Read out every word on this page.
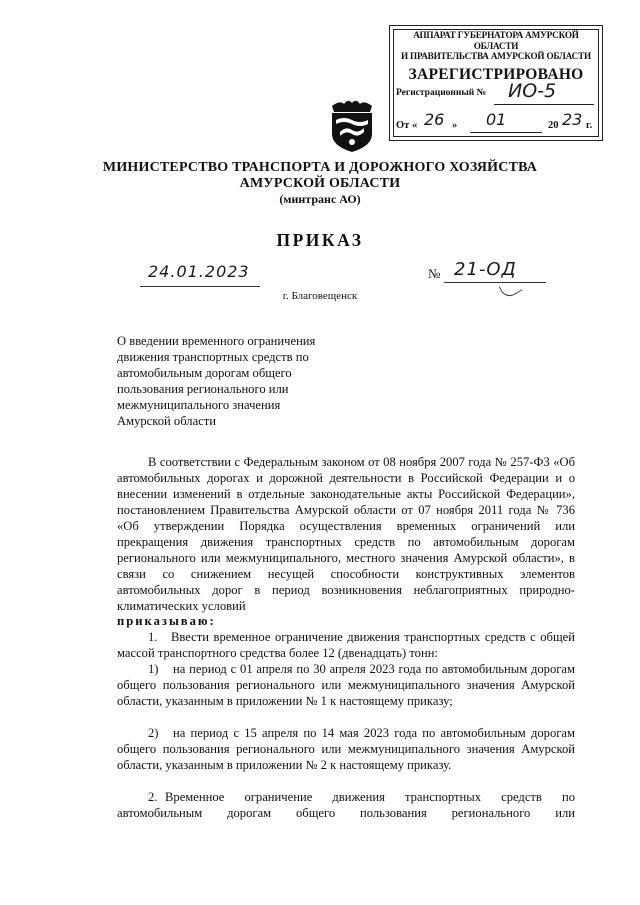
АППАРАТ ГУБЕРНАТОРА АМУРСКОЙ ОБЛАСТИ
И ПРАВИТЕЛЬСТВА АМУРСКОЙ ОБЛАСТИ
ЗАРЕГИСТРИРОВАНО
Регистрационный № ИО-5
От « 26 » 01	20 23 г.
МИНИСТЕРСТВО ТРАНСПОРТА И ДОРОЖНОГО ХОЗЯЙСТВА
АМУРСКОЙ ОБЛАСТИ
(минтранс АО)
ПРИКАЗ
24.01.2023	№ 21-ОД
г. Благовещенск
О введении временного ограничения
движения транспортных средств по
автомобильным дорогам общего
пользования регионального или
межмуниципального значения
Амурской области
В соответствии с Федеральным законом от 08 ноября 2007 года № 257-ФЗ «Об автомобильных дорогах и дорожной деятельности в Российской Федерации и о внесении изменений в отдельные законодательные акты Российской Федерации», постановлением Правительства Амурской области от 07 ноября 2011 года № 736 «Об утверждении Порядка осуществления временных ограничений или прекращения движения транспортных средств по автомобильным дорогам регионального или межмуниципального, местного значения Амурской области», в связи со снижением несущей способности конструктивных элементов автомобильных дорог в период возникновения неблагоприятных природно-климатических условий
приказываю:
1.	Ввести временное ограничение движения транспортных средств с общей массой транспортного средства более 12 (двенадцать) тонн:
1)	на период с 01 апреля по 30 апреля 2023 года по автомобильным дорогам общего пользования регионального или межмуниципального значения Амурской области, указанным в приложении № 1 к настоящему приказу;
2)	на период с 15 апреля по 14 мая 2023 года по автомобильным дорогам общего пользования регионального или межмуниципального значения Амурской области, указанным в приложении № 2 к настоящему приказу.
2. Временное ограничение движения транспортных средств по автомобильным дорогам общего пользования регионального или
